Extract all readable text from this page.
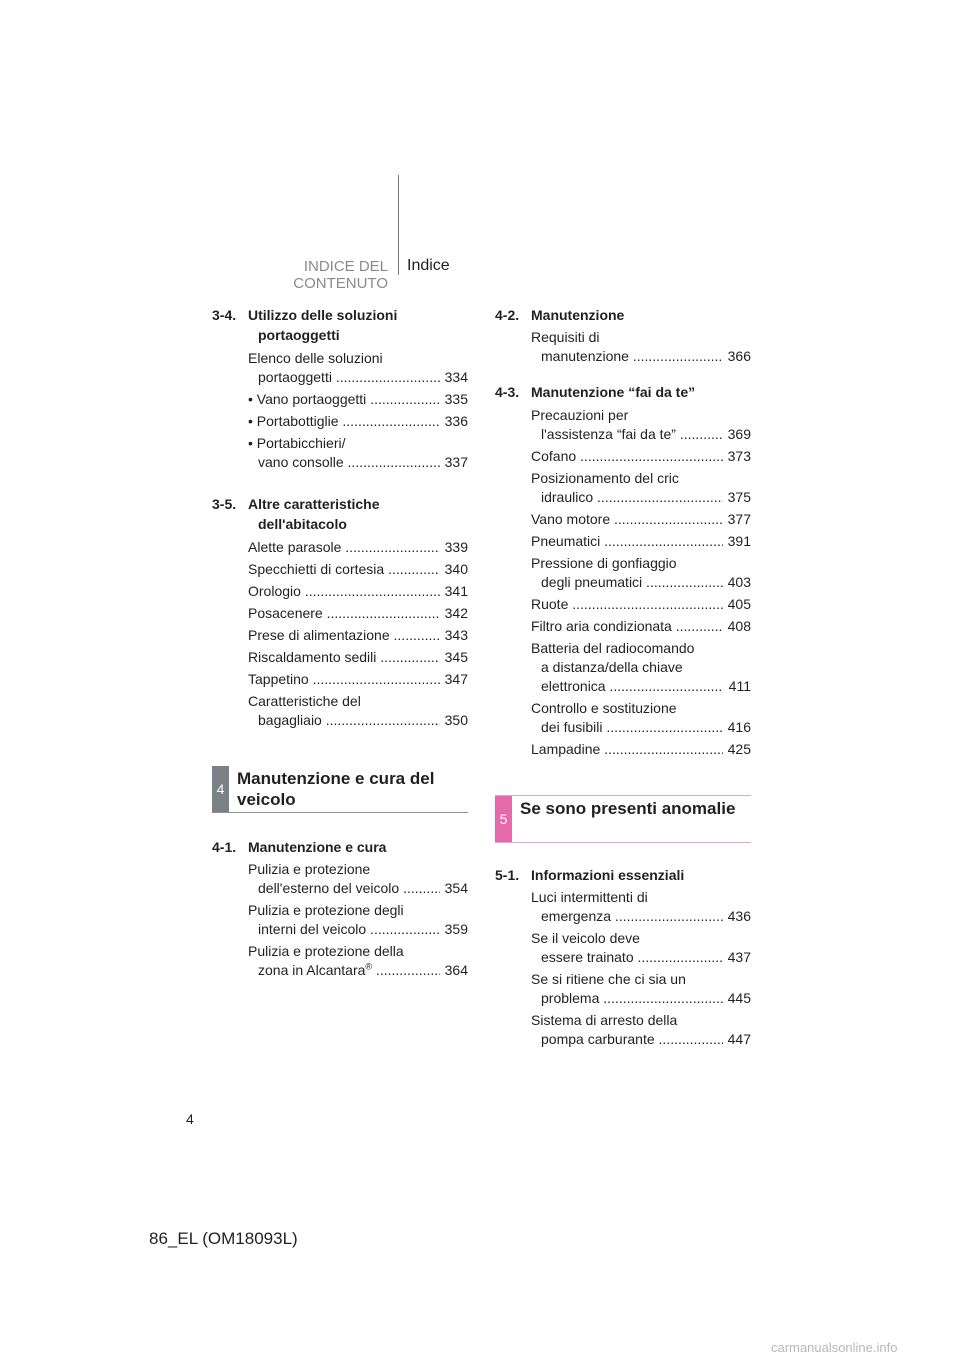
INDICE DEL CONTENUTO
Indice
3-4. Utilizzo delle soluzioni
portaoggetti
Elenco delle soluzioni
portaoggetti .....	334
• Vano portaoggetti .....	335
• Portabottiglie .....	336
• Portabicchieri/
vano consolle .....	337
3-5. Altre caratteristiche
dell'abitacolo
Alette parasole .....	339
Specchietti di cortesia .....	340
Orologio .....	341
Posacenere .....	342
Prese di alimentazione .....	343
Riscaldamento sedili .....	345
Tappetino .....	347
Caratteristiche del
bagagliaio .....	350
4
Manutenzione e cura del veicolo
4-1. Manutenzione e cura
Pulizia e protezione
dell'esterno del veicolo .....	354
Pulizia e protezione degli
interni del veicolo .....	359
Pulizia e protezione della
zona in Alcantara® .....	364
4-2. Manutenzione
Requisiti di
manutenzione .....	366
4-3. Manutenzione “fai da te”
Precauzioni per
l'assistenza “fai da te” .....	369
Cofano .....	373
Posizionamento del cric
idraulico .....	375
Vano motore .....	377
Pneumatici .....	391
Pressione di gonfiaggio
degli pneumatici .....	403
Ruote .....	405
Filtro aria condizionata .....	408
Batteria del radiocomando
a distanza/della chiave
elettronica .....	411
Controllo e sostituzione
dei fusibili .....	416
Lampadine .....	425
5
Se sono presenti anomalie
5-1. Informazioni essenziali
Luci intermittenti di
emergenza .....	436
Se il veicolo deve
essere trainato .....	437
Se si ritiene che ci sia un
problema .....	445
Sistema di arresto della
pompa carburante .....	447
4
86_EL (OM18093L)
carmanualsonline.info
